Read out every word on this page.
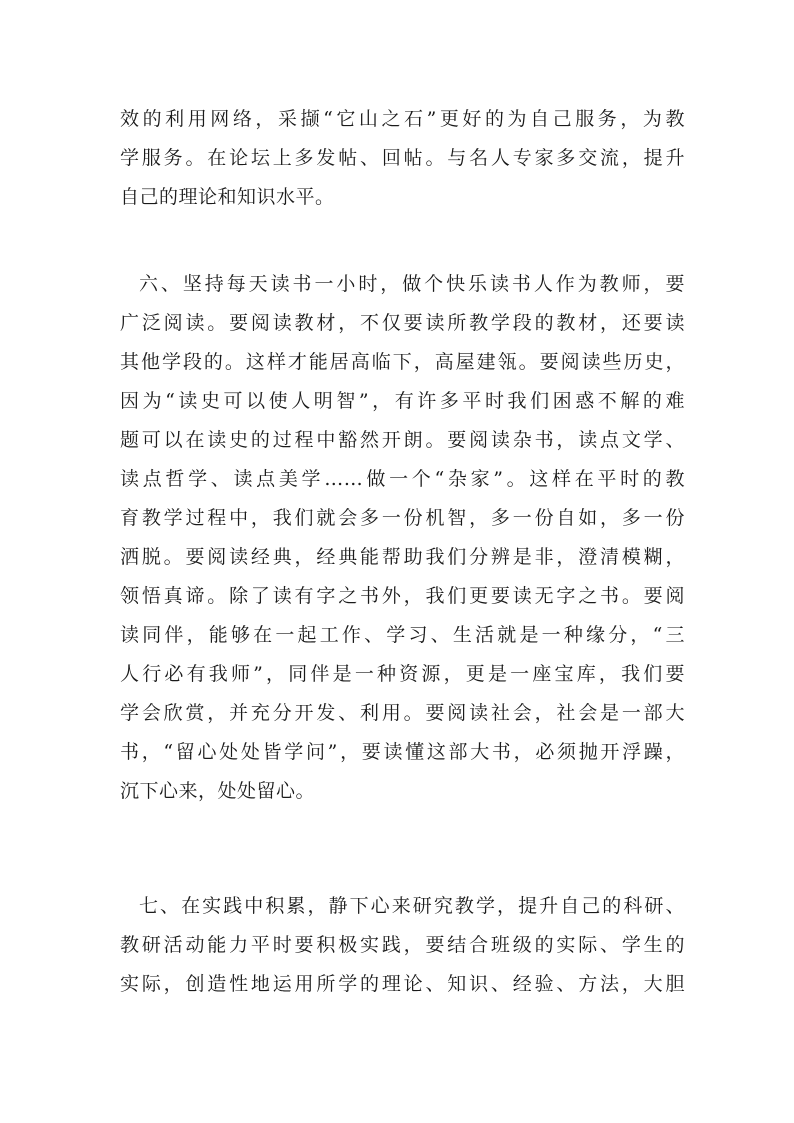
效的利用网络，采撷“它山之石”更好的为自己服务，为教
学服务。在论坛上多发帖、回帖。与名人专家多交流，提升
自己的理论和知识水平。
六、坚持每天读书一小时，做个快乐读书人作为教师，要
广泛阅读。要阅读教材，不仅要读所教学段的教材，还要读
其他学段的。这样才能居高临下，高屋建瓴。要阅读些历史，
因为“读史可以使人明智”，有许多平时我们困惑不解的难
题可以在读史的过程中豁然开朗。要阅读杂书，读点文学、
读点哲学、读点美学……做一个“杂家”。这样在平时的教
育教学过程中，我们就会多一份机智，多一份自如，多一份
洒脱。要阅读经典，经典能帮助我们分辨是非，澄清模糊，
领悟真谛。除了读有字之书外，我们更要读无字之书。要阅
读同伴，能够在一起工作、学习、生活就是一种缘分，“三
人行必有我师”，同伴是一种资源，更是一座宝库，我们要
学会欣赏，并充分开发、利用。要阅读社会，社会是一部大
书，“留心处处皆学问”，要读懂这部大书，必须抛开浮躁，
沉下心来，处处留心。
七、在实践中积累，静下心来研究教学，提升自己的科研、
教研活动能力平时要积极实践，要结合班级的实际、学生的
实际，创造性地运用所学的理论、知识、经验、方法，大胆
